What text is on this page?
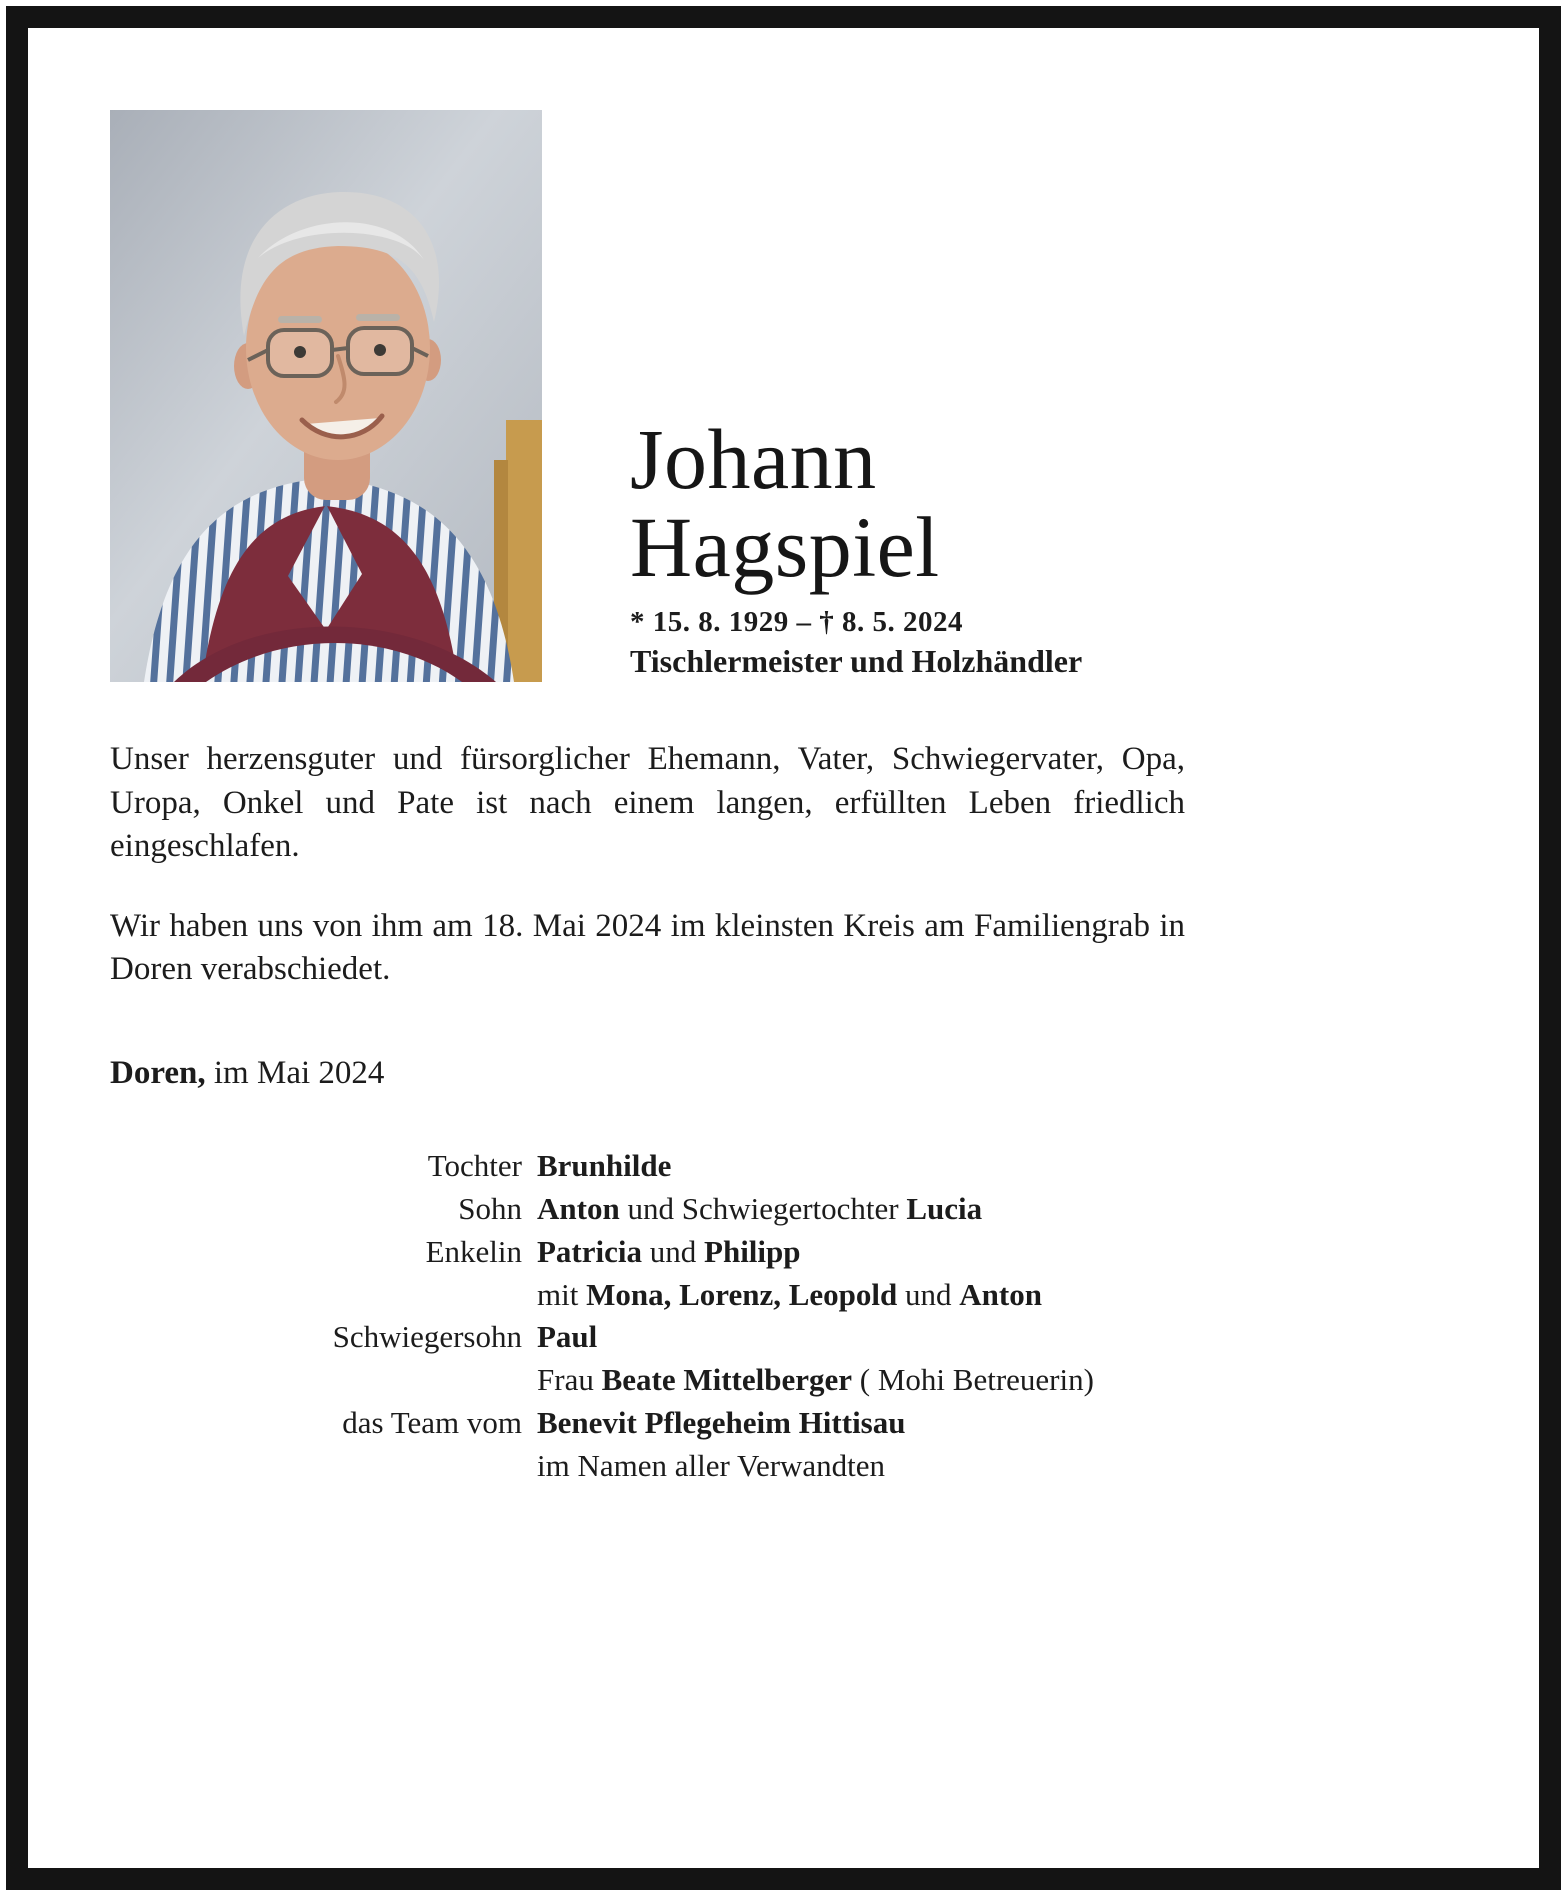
Johann
Hagspiel
* 15. 8. 1929 – † 8. 5. 2024
Tischlermeister und Holzhändler

Unser herzensguter und fürsorglicher Ehemann, Vater, Schwiegervater, Opa, Uropa, Onkel und Pate ist nach einem langen, erfüllten Leben friedlich eingeschlafen.

Wir haben uns von ihm am 18. Mai 2024 im kleinsten Kreis am Familiengrab in Doren verabschiedet.

Doren, im Mai 2024
Tochter Brunhilde
Sohn Anton und Schwiegertochter Lucia
Enkelin Patricia und Philipp
mit Mona, Lorenz, Leopold und Anton
Schwiegersohn Paul
Frau Beate Mittelberger ( Mohi Betreuerin)
das Team vom Benevit Pflegeheim Hittisau
im Namen aller Verwandten
